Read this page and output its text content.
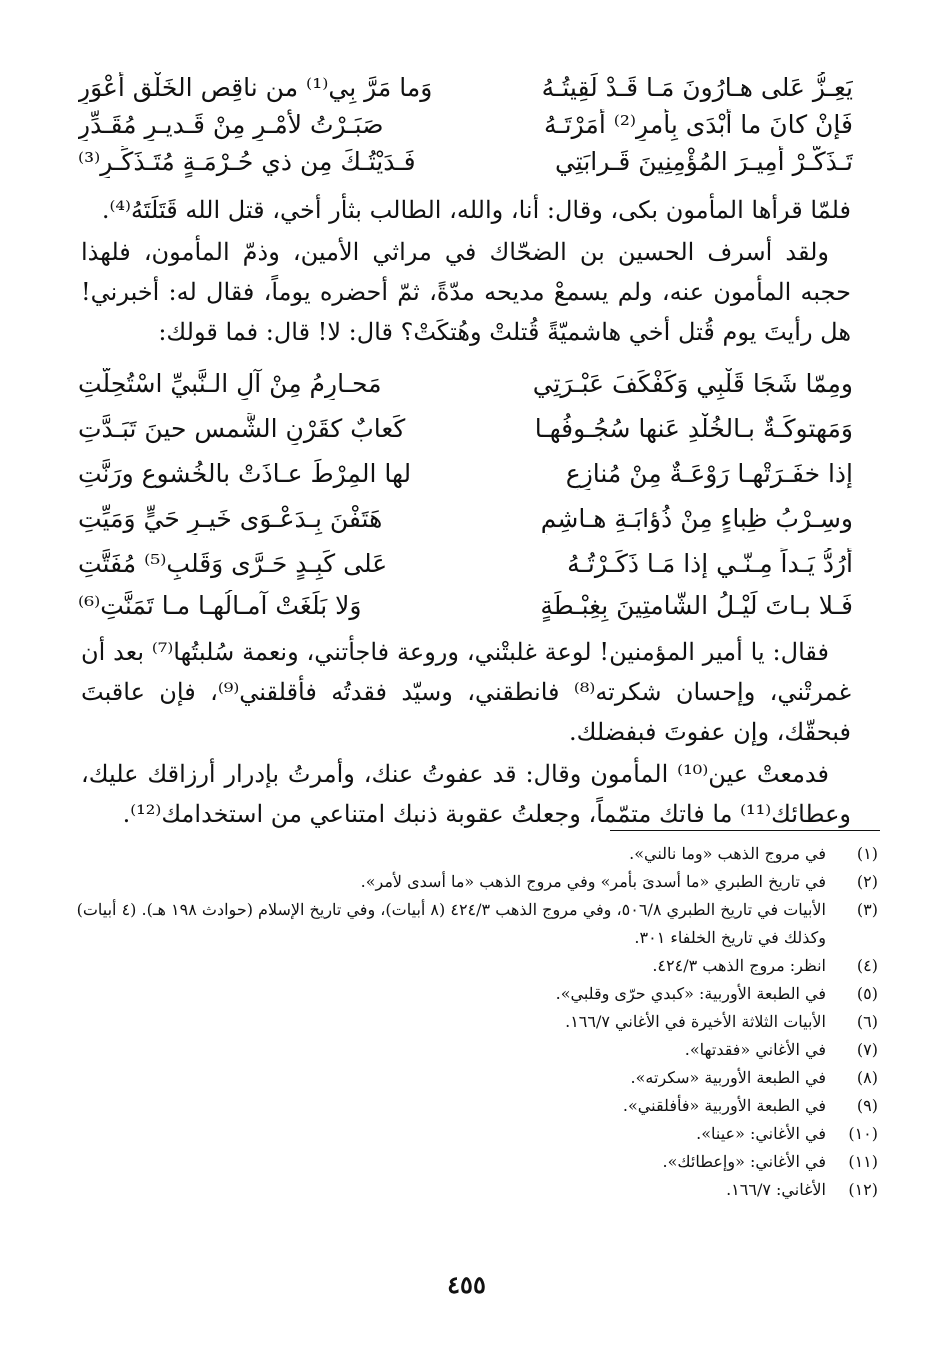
يَعِـزُّ عَلى هـارُونَ مَـا قَـدْ لَقِيتُـهُ
وَما مَرَّ بِي⁽¹⁾ من ناقِصِ الخَلْقِ أَعْوَرِ
فَإنْ كانَ ما أَبْدَى بِأَمرٍ⁽²⁾ أَمَرْتَـهُ
صَبَـرْتُ لأَمْـرٍ مِنْ قَـديـرٍ مُقَـدِّرِ
تَـذَكَّـرْ أَمِيـرَ المُؤْمِنِينَ قَـرابَتِي
فَـدَيْتُـكَ مِن ذي حُـرْمَـةٍ مُتَـذَكِّـرِ⁽³⁾

فلمّا قرأها المأمون بكى، وقال: أنا، والله، الطالب بثأر أخي، قتل الله قَتَلَتَهُ⁽⁴⁾.

ولقد أسرف الحسين بن الضحّاك في مراثي الأمين، وذمّ المأمون، فلهذا حجبه المأمون عنه، ولم يسمعْ مديحه مدّةً، ثمّ أحضره يوماً، فقال له: أخبرني! هل رأيتَ يوم قُتل أخي هاشميّةً قُتلتْ وهُتكَتْ؟ قال: لا! قال: فما قولك:

ومِمّا شَجَا قَلْبِي وَكَفْكَفَ عَبْـرَتِي
مَحـارِمُ مِنْ آلِ الـنَّبيِّ اسْتُحِلَّتِ
وَمَهتوكَـةٌ بـالخُلْدِ عَنها سُجُـوفُهـا
كَعابٌ كقَرْنِ الشَّمسِ حينَ تَبَـدَّتِ
إذا خفَـرَتْهـا رَوْعَـةٌ مِنْ مُنازِعٍ
لها المِرْطَ عـاذَتْ بالخُشوعِ ورَنَّتِ
وسِـرْبُ ظِباءٍ مِنْ ذُؤابَـةِ هـاشِمٍ
هَتَفْنَ بِـدَعْـوَى خَيـرِ حَيٍّ وَمَيِّتِ
أَرُدُّ يَـداً مِـنّـي إذا مَـا ذَكَـرْتُـهُ
عَلى كَبِـدٍ حَـرَّى وَقَلبٍ⁽⁵⁾ مُفَتَّتِ
فَـلا بـاتَ لَيْـلُ الشّامتِينَ بِغِبْـطَةٍ
وَلا بَلَغَتْ آمـالُهـا مـا تَمَنَّتِ⁽⁶⁾

فقال: يا أمير المؤمنين! لوعة غلبتْني، وروعة فاجأتني، ونعمة سُلبتُها⁽⁷⁾ بعد أن غمرتْني، وإحسان شكرته⁽⁸⁾ فانطقني، وسيّد فقدتُه فأقلقني⁽⁹⁾، فإن عاقبتَ فبحقّك، وإن عفوتَ فبفضلك.

فدمعتْ عين⁽¹⁰⁾ المأمون وقال: قد عفوتُ عنك، وأمرتُ بإدرار أرزاقك عليك، وعطائك⁽¹¹⁾ ما فاتك متمّماً، وجعلتُ عقوبة ذنبك امتناعي من استخدامك⁽¹²⁾.

(١)
في مروج الذهب «وما نالني».
(٢)
في تاريخ الطبري «ما أسدىَ بأمر» وفي مروج الذهب «ما أسدى لأمر».
(٣)
الأبيات في تاريخ الطبري ٥٠٦/٨، وفي مروج الذهب ٤٢٤/٣ (٨ أبيات)، وفي تاريخ الإسلام (حوادث ١٩٨ هـ). (٤ أبيات) وكذلك في تاريخ الخلفاء ٣٠١.
(٤)
انظر: مروج الذهب ٤٢٤/٣.
(٥)
في الطبعة الأوربية: «كبدي حرّى وقلبي».
(٦)
الأبيات الثلاثة الأخيرة في الأغاني ١٦٦/٧.
(٧)
في الأغاني «فقدتها».
(٨)
في الطبعة الأوربية «سكرته».
(٩)
في الطبعة الأوربية «فأفلقني».
(١٠)
في الأغاني: «عينا».
(١١)
في الأغاني: «وإعطائك».
(١٢)
الأغاني: ١٦٦/٧.
٤٥٥
